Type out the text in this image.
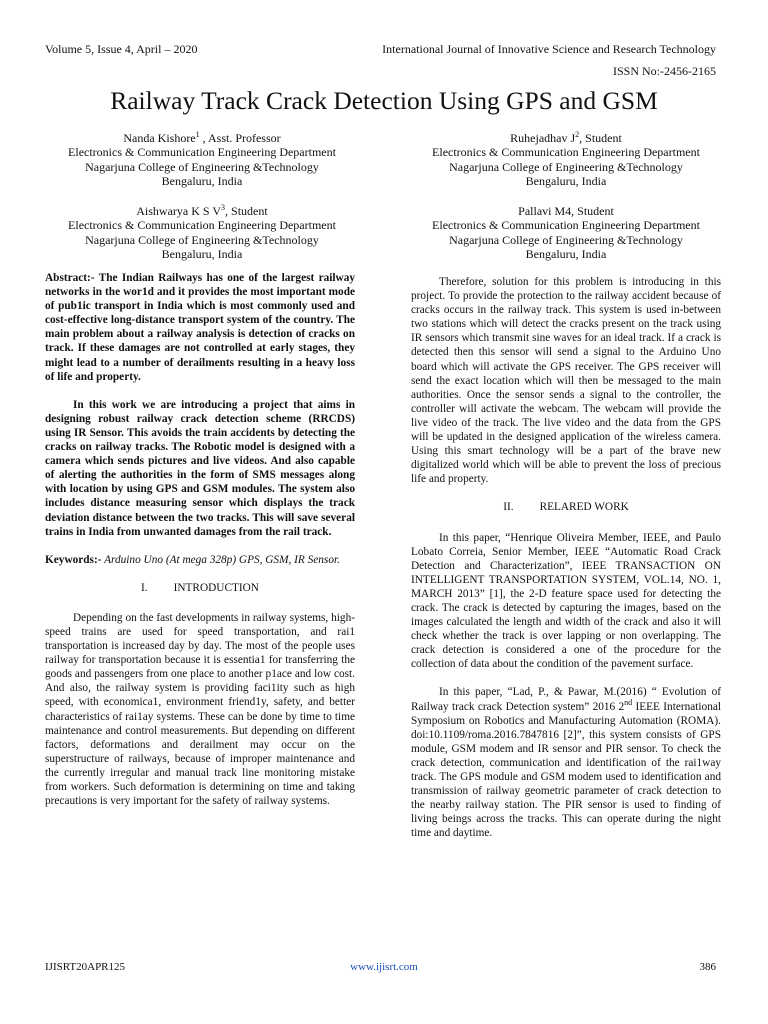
Volume 5, Issue 4, April – 2020	International Journal of Innovative Science and Research Technology
ISSN No:-2456-2165
Railway Track Crack Detection Using GPS and GSM
Nanda Kishore$^1$ , Asst. Professor
Electronics & Communication Engineering Department
Nagarjuna College of Engineering &Technology
Bengaluru, India
Ruhejadhav $J^2$, Student
Electronics & Communication Engineering Department
Nagarjuna College of Engineering &Technology
Bengaluru, India
Aishwarya K S $V^3$, Student
Electronics & Communication Engineering Department
Nagarjuna College of Engineering &Technology
Bengaluru, India
Pallavi M4, Student
Electronics & Communication Engineering Department
Nagarjuna College of Engineering &Technology
Bengaluru, India

Abstract:- The Indian Railways has one of the largest railway networks in the wor1d and it provides the most important mode of pub1ic transport in India which is most commonly used and cost-effective long-distance transport system of the country. The main problem about a railway analysis is detection of cracks on track. If these damages are not controlled at early stages, they might lead to a number of derailments resulting in a heavy loss of life and property.

In this work we are introducing a project that aims in designing robust railway crack detection scheme (RRCDS) using IR Sensor. This avoids the train accidents by detecting the cracks on railway tracks. The Robotic model is designed with a camera which sends pictures and live videos. And also capable of alerting the authorities in the form of SMS messages along with location by using GPS and GSM modules. The system also includes distance measuring sensor which displays the track deviation distance between the two tracks. This will save several trains in India from unwanted damages from the rail track.

Keywords:- Arduino Uno (At mega 328p) GPS, GSM, IR Sensor.

I. INTRODUCTION

Depending on the fast developments in railway systems, high-speed trains are used for speed transportation, and rai1 transportation is increased day by day. The most of the people uses railway for transportation because it is essentia1 for transferring the goods and passengers from one place to another p1ace and low cost. And also, the railway system is providing faci1ity such as high speed, with economica1, environment friend1y, safety, and better characteristics of rai1ay systems. These can be done by time to time maintenance and control measurements. But depending on different factors, deformations and derailment may occur on the superstructure of railways, because of improper maintenance and the currently irregular and manual track line monitoring mistake from workers. Such deformation is determining on time and taking precautions is very important for the safety of railway systems.

Therefore, solution for this problem is introducing in this project. To provide the protection to the railway accident because of cracks occurs in the railway track. This system is used in-between two stations which will detect the cracks present on the track using IR sensors which transmit sine waves for an ideal track. If a crack is detected then this sensor will send a signal to the Arduino Uno board which will activate the GPS receiver. The GPS receiver will send the exact location which will then be messaged to the main authorities. Once the sensor sends a signal to the controller, the controller will activate the webcam. The webcam will provide the live video of the track. The live video and the data from the GPS will be updated in the designed application of the wireless camera. Using this smart technology will be a part of the brave new digitalized world which will be able to prevent the loss of precious life and property.

II. RELARED WORK

In this paper, “Henrique Oliveira Member, IEEE, and Paulo Lobato Correia, Senior Member, IEEE “Automatic Road Crack Detection and Characterization”, IEEE TRANSACTION ON INTELLIGENT TRANSPORTATION SYSTEM, VOL.14, NO. 1, MARCH 2013” [1], the 2-D feature space used for detecting the crack. The crack is detected by capturing the images, based on the images calculated the length and width of the crack and also it will check whether the track is over lapping or non overlapping. The crack detection is considered a one of the procedure for the collection of data about the condition of the pavement surface.

In this paper, “Lad, P., & Pawar, M.(2016) “ Evolution of Railway track crack Detection system” 2016 2nd IEEE International Symposium on Robotics and Manufacturing Automation (ROMA). doi:10.1109/roma.2016.7847816 [2]”, this system consists of GPS module, GSM modem and IR sensor and PIR sensor. To check the crack detection, communication and identification of the rai1way track. The GPS module and GSM modem used to identification and transmission of railway geometric parameter of crack detection to the nearby railway station. The PIR sensor is used to finding of living beings across the tracks. This can operate during the night time and daytime.

IJISRT20APR125	www.ijisrt.com	386
